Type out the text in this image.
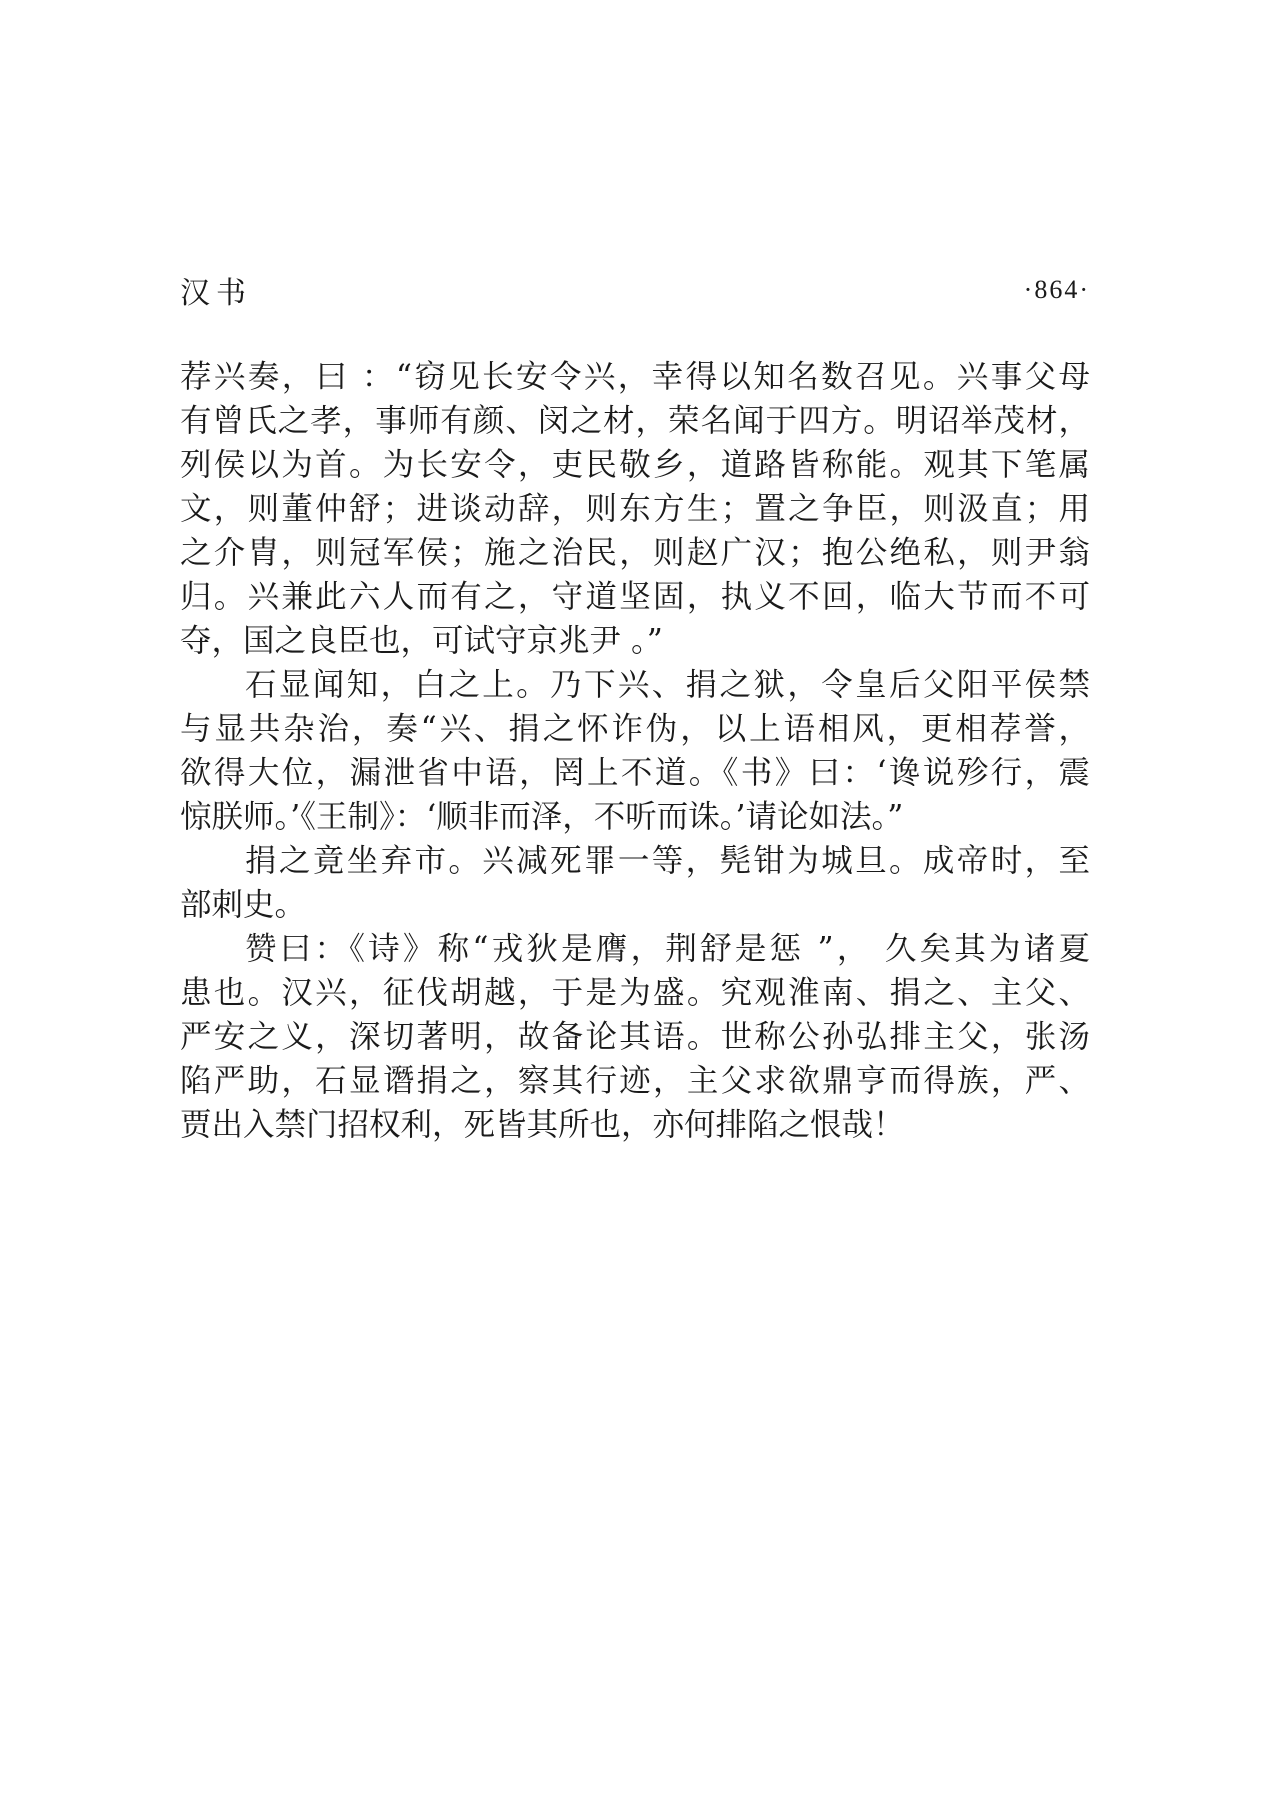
汉书	·864·
荐兴奏，曰 ：“窃见长安令兴，幸得以知名数召见。兴事父母
有曾氏之孝，事师有颜、闵之材，荣名闻于四方。明诏举茂材，
列侯以为首。为长安令，吏民敬乡，道路皆称能。观其下笔属
文，则董仲舒；进谈动辞，则东方生；置之争臣，则汲直；用
之介胄，则冠军侯；施之治民，则赵广汉；抱公绝私，则尹翁
归。兴兼此六人而有之，守道坚固，执义不回，临大节而不可
夺，国之良臣也，可试守京兆尹 。”
石显闻知，白之上。乃下兴、捐之狱，令皇后父阳平侯禁
与显共杂治，奏“兴、捐之怀诈伪，以上语相风，更相荐誉，
欲得大位，漏泄省中语，罔上不道。《书》曰：‘谗说殄行，震
惊朕师。’《王制》：‘顺非而泽，不听而诛。’请论如法。”
捐之竟坐弃市。兴减死罪一等，髡钳为城旦。成帝时，至
部刺史。
赞曰：《诗》称“戎狄是膺，荆舒是惩 ”， 久矣其为诸夏
患也。汉兴，征伐胡越，于是为盛。究观淮南、捐之、主父、
严安之义，深切著明，故备论其语。世称公孙弘排主父，张汤
陷严助，石显谮捐之，察其行迹，主父求欲鼎亨而得族，严、
贾出入禁门招权利，死皆其所也，亦何排陷之恨哉！
